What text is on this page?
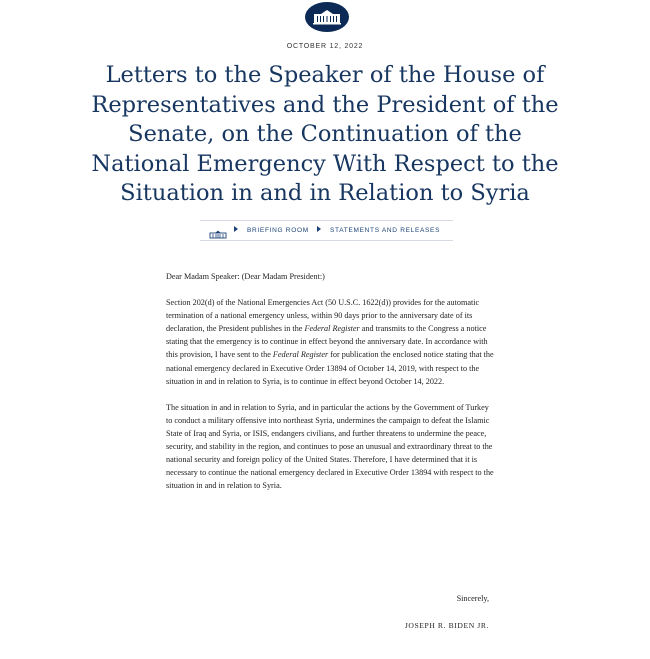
OCTOBER 12, 2022
Letters to the Speaker of the House of Representatives and the President of the Senate, on the Continuation of the National Emergency With Respect to the Situation in and in Relation to Syria
BRIEFING ROOM	STATEMENTS AND RELEASES

Dear Madam Speaker: (Dear Madam President:)

Section 202(d) of the National Emergencies Act (50 U.S.C. 1622(d)) provides for the automatic termination of a national emergency unless, within 90 days prior to the anniversary date of its declaration, the President publishes in the Federal Register and transmits to the Congress a notice stating that the emergency is to continue in effect beyond the anniversary date. In accordance with this provision, I have sent to the Federal Register for publication the enclosed notice stating that the national emergency declared in Executive Order 13894 of October 14, 2019, with respect to the situation in and in relation to Syria, is to continue in effect beyond October 14, 2022.

The situation in and in relation to Syria, and in particular the actions by the Government of Turkey to conduct a military offensive into northeast Syria, undermines the campaign to defeat the Islamic State of Iraq and Syria, or ISIS, endangers civilians, and further threatens to undermine the peace, security, and stability in the region, and continues to pose an unusual and extraordinary threat to the national security and foreign policy of the United States. Therefore, I have determined that it is necessary to continue the national emergency declared in Executive Order 13894 with respect to the situation in and in relation to Syria.

Sincerely,
JOSEPH R. BIDEN JR.
